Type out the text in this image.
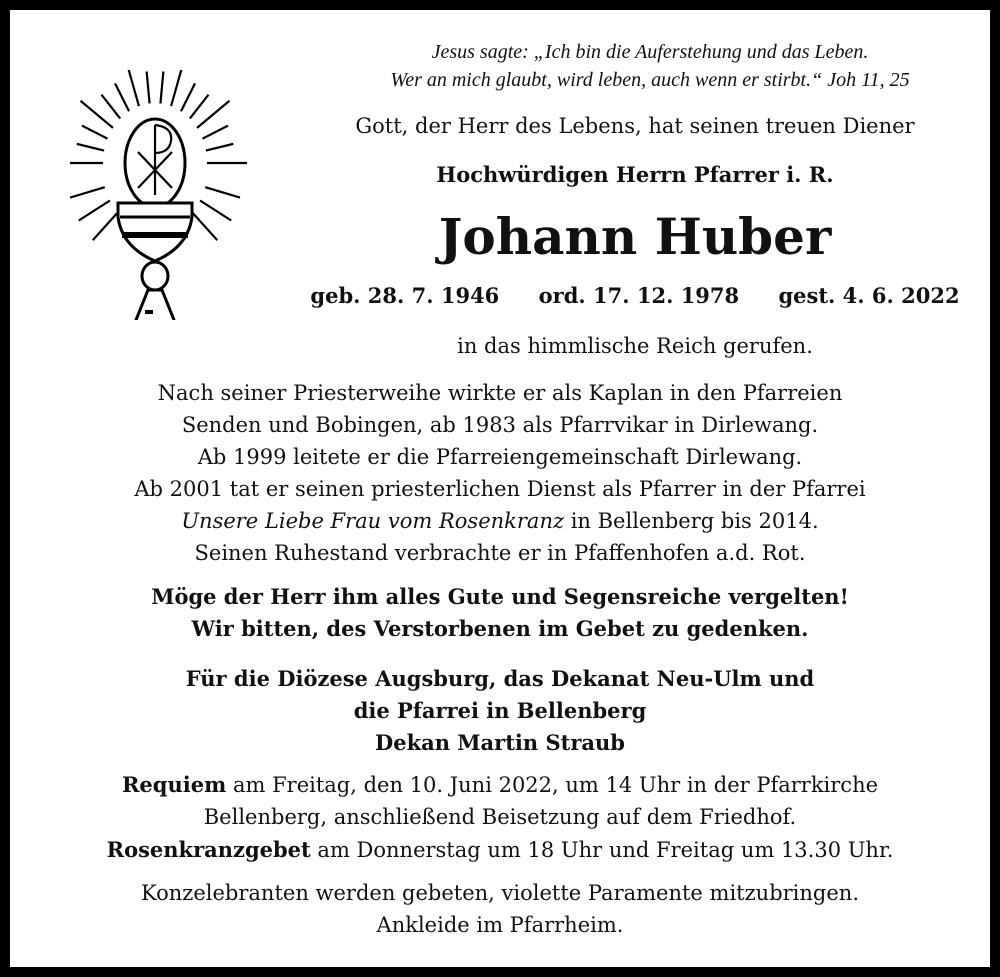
Jesus sagte: „Ich bin die Auferstehung und das Leben.
Wer an mich glaubt, wird leben, auch wenn er stirbt.“ Joh 11, 25
Gott, der Herr des Lebens, hat seinen treuen Diener
Hochwürdigen Herrn Pfarrer i. R.
Johann Huber
geb. 28. 7. 1946 ord. 17. 12. 1978 gest. 4. 6. 2022
in das himmlische Reich gerufen.
Nach seiner Priesterweihe wirkte er als Kaplan in den Pfarreien
Senden und Bobingen, ab 1983 als Pfarrvikar in Dirlewang.
Ab 1999 leitete er die Pfarreiengemeinschaft Dirlewang.
Ab 2001 tat er seinen priesterlichen Dienst als Pfarrer in der Pfarrei
Unsere Liebe Frau vom Rosenkranz in Bellenberg bis 2014.
Seinen Ruhestand verbrachte er in Pfaffenhofen a.d. Rot.
Möge der Herr ihm alles Gute und Segensreiche vergelten!
Wir bitten, des Verstorbenen im Gebet zu gedenken.
Für die Diözese Augsburg, das Dekanat Neu-Ulm und
die Pfarrei in Bellenberg
Dekan Martin Straub
Requiem am Freitag, den 10. Juni 2022, um 14 Uhr in der Pfarrkirche
Bellenberg, anschließend Beisetzung auf dem Friedhof.
Rosenkranzgebet am Donnerstag um 18 Uhr und Freitag um 13.30 Uhr.
Konzelebranten werden gebeten, violette Paramente mitzubringen.
Ankleide im Pfarrheim.
